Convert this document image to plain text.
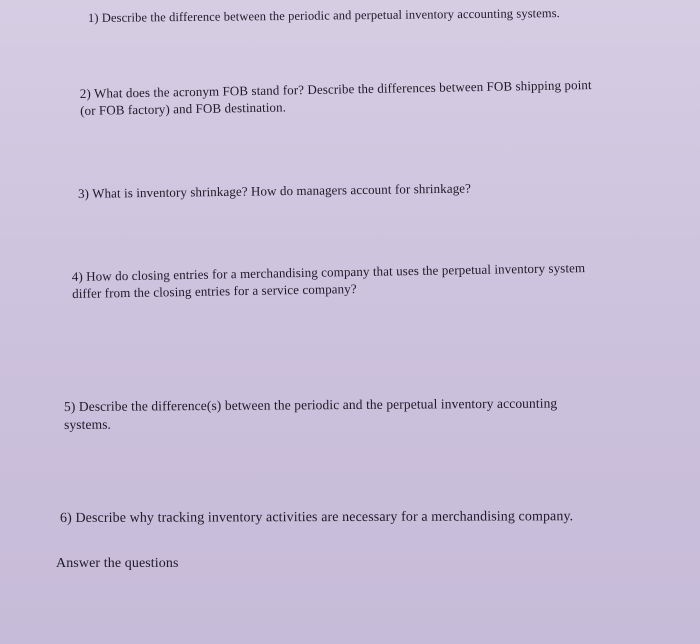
1) Describe the difference between the periodic and perpetual inventory accounting systems.
2) What does the acronym FOB stand for? Describe the differences between FOB shipping point
(or FOB factory) and FOB destination.
3) What is inventory shrinkage? How do managers account for shrinkage?
4) How do closing entries for a merchandising company that uses the perpetual inventory system
differ from the closing entries for a service company?
5) Describe the difference(s) between the periodic and the perpetual inventory accounting
systems.
6) Describe why tracking inventory activities are necessary for a merchandising company.
Answer the questions
